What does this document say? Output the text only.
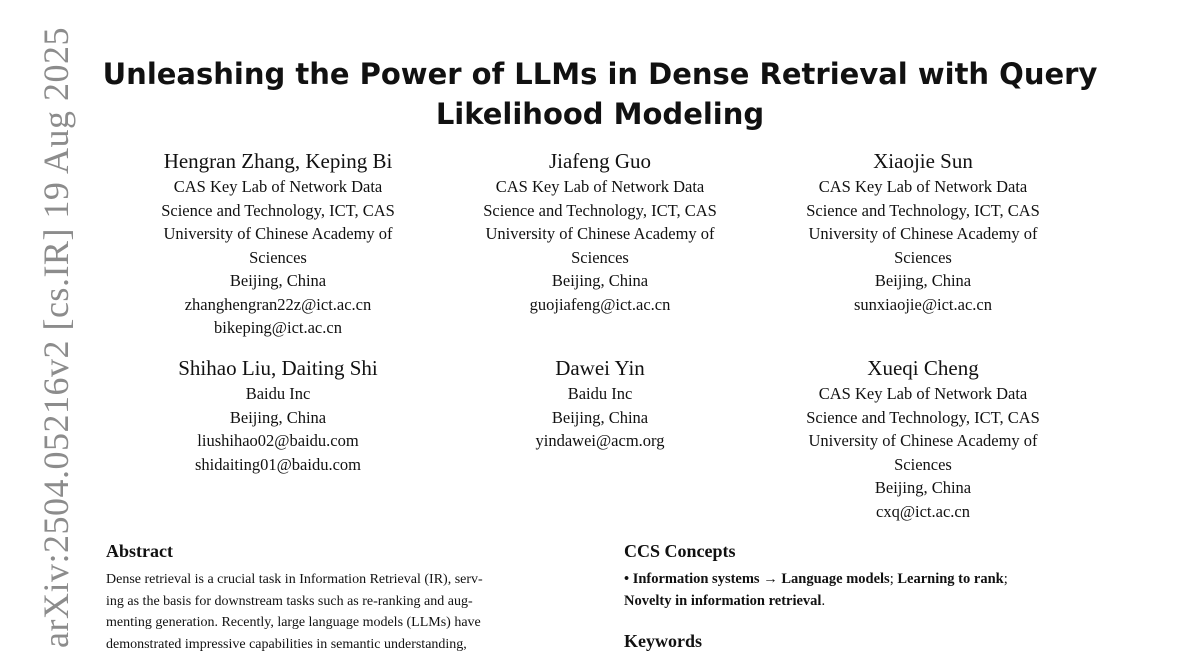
arXiv:2504.05216v2 [cs.IR] 19 Aug 2025 Unleashing the Power of LLMs in Dense Retrieval with Query
Likelihood Modeling
Hengran Zhang, Keping Bi
CAS Key Lab of Network Data
Science and Technology, ICT, CAS
University of Chinese Academy of
Sciences
Beijing, China
zhanghengran22z@ict.ac.cn
bikeping@ict.ac.cn
Jiafeng Guo
CAS Key Lab of Network Data
Science and Technology, ICT, CAS
University of Chinese Academy of
Sciences
Beijing, China
guojiafeng@ict.ac.cn
Xiaojie Sun
CAS Key Lab of Network Data
Science and Technology, ICT, CAS
University of Chinese Academy of
Sciences
Beijing, China
sunxiaojie@ict.ac.cn
Shihao Liu, Daiting Shi
Baidu Inc
Beijing, China
liushihao02@baidu.com
shidaiting01@baidu.com
Dawei Yin
Baidu Inc
Beijing, China
yindawei@acm.org
Xueqi Cheng
CAS Key Lab of Network Data
Science and Technology, ICT, CAS
University of Chinese Academy of
Sciences
Beijing, China
cxq@ict.ac.cn
Abstract
Dense retrieval is a crucial task in Information Retrieval (IR), serv-
ing as the basis for downstream tasks such as re-ranking and aug-
menting generation. Recently, large language models (LLMs) have
demonstrated impressive capabilities in semantic understanding,
CCS Concepts
• Information systems → Language models; Learning to rank;
Novelty in information retrieval.
Keywords
